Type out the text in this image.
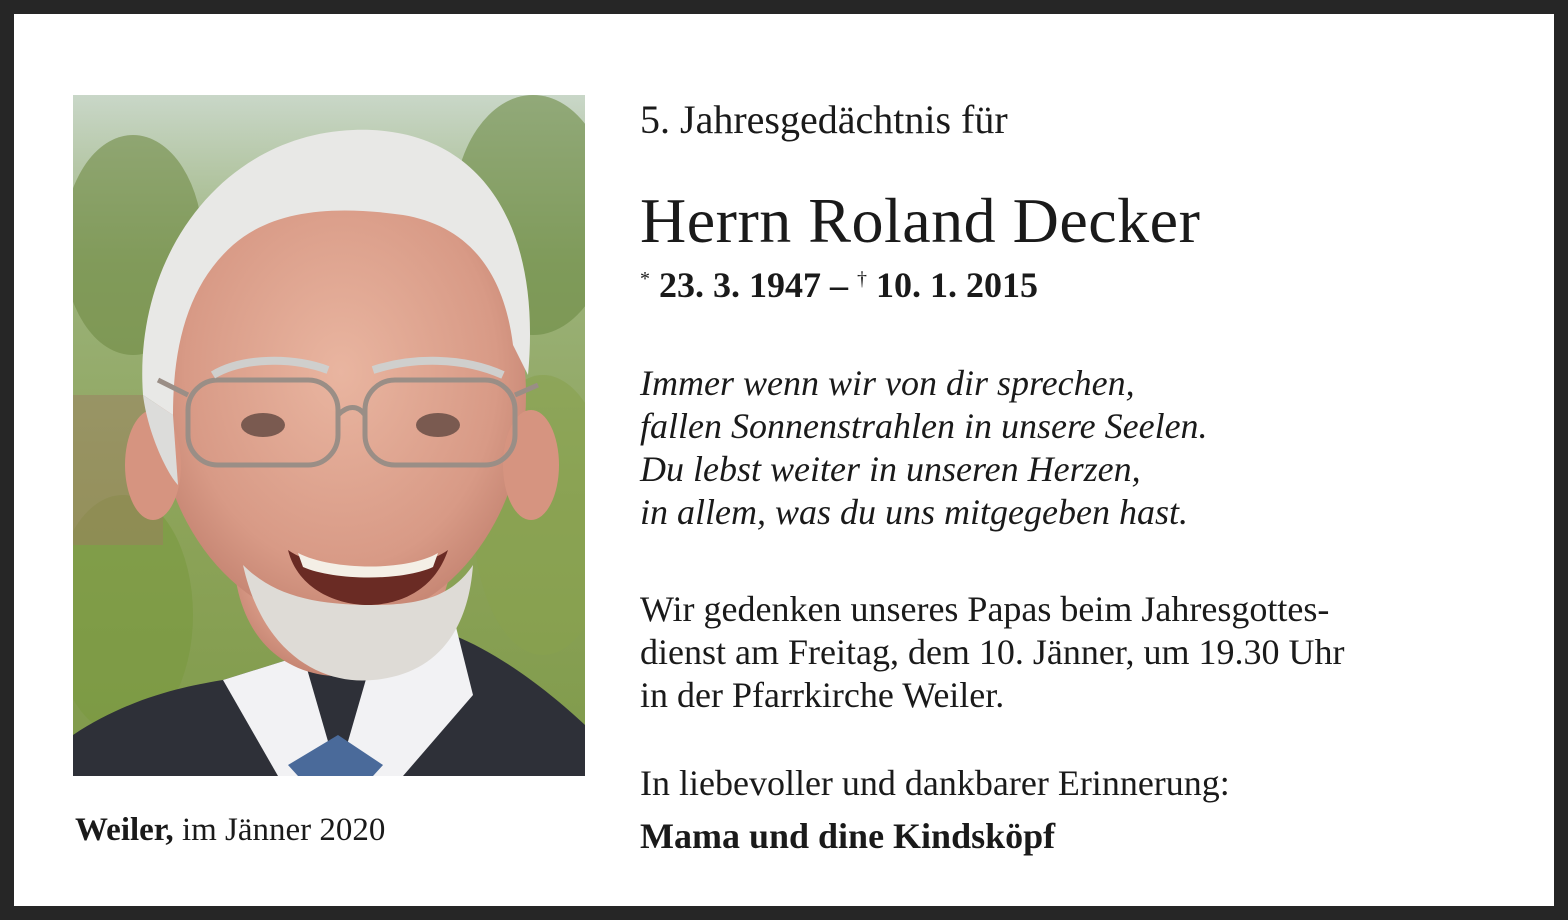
5. Jahresgedächtnis für
Herrn Roland Decker
* 23. 3. 1947 – † 10. 1. 2015
Immer wenn wir von dir sprechen,
fallen Sonnenstrahlen in unsere Seelen.
Du lebst weiter in unseren Herzen,
in allem, was du uns mitgegeben hast.
Wir gedenken unseres Papas beim Jahresgottes-
dienst am Freitag, dem 10. Jänner, um 19.30 Uhr
in der Pfarrkirche Weiler.
In liebevoller und dankbarer Erinnerung:
Mama und dine Kindsköpf
Weiler, im Jänner 2020
